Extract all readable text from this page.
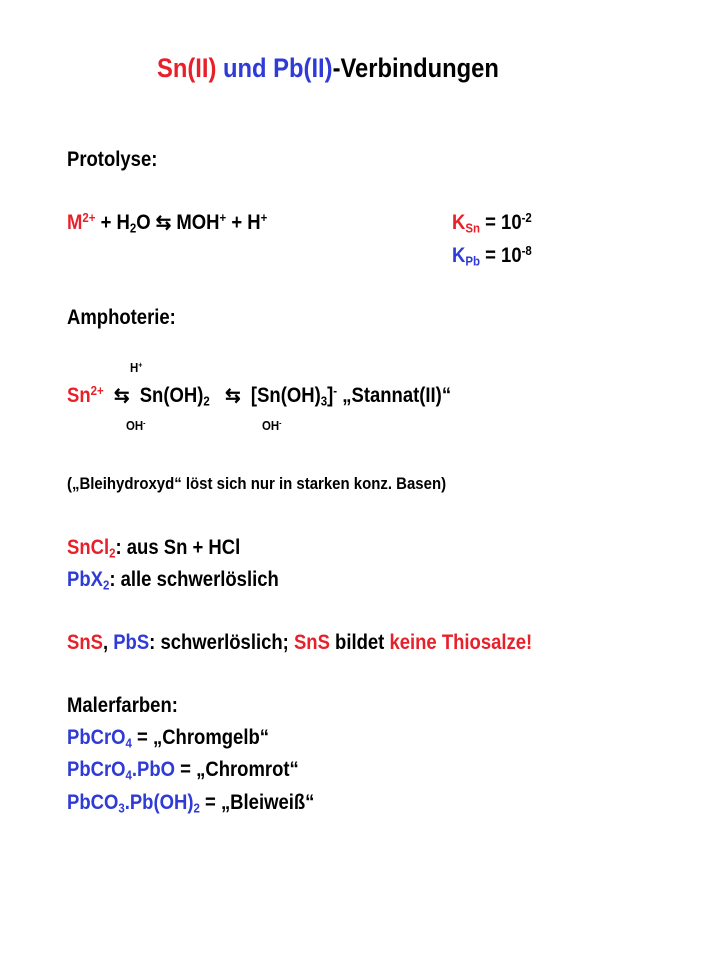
Sn(II) und Pb(II)-Verbindungen
Protolyse:
$M^{2+} + H_2O$ ⇆ MOH+ + H+	$K_{Sn} = 10^{-2}$
$K_{Pb} = 10^{-8}$
Amphoterie:
H+
$Sn^{2+}$ ⇆ $Sn(OH)_2$ ⇆ $[Sn(OH)_3]^-$ „Stannat(II)“
OH-	OH-
(„Bleihydroxyd“ löst sich nur in starken konz. Basen)
SnCl$_2$: aus Sn + HCl
PbX$_2$: alle schwerlöslich
SnS, PbS: schwerlöslich; SnS bildet keine Thiosalze!
Malerfarben:
PbCrO$_4$ = „Chromgelb“
PbCrO$_4$.PbO = „Chromrot“
$PbCO_3.Pb(OH)_2$ = „Bleiweiß“
